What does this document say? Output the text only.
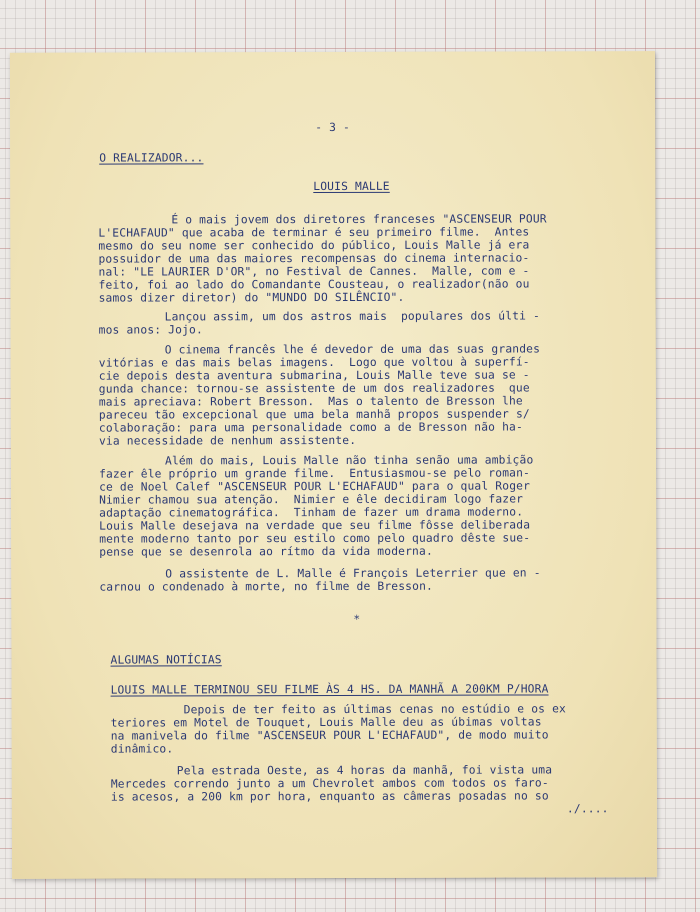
- 3 -

O REALIZADOR...

LOUIS MALLE

É o mais jovem dos diretores franceses "ASCENSEUR POUR

L'ECHAFAUD" que acaba de terminar é seu primeiro filme.  Antes

mesmo do seu nome ser conhecido do público, Louis Malle já era

possuidor de uma das maiores recompensas do cinema internacio-

nal: "LE LAURIER D'OR", no Festival de Cannes.  Malle, com e -

feito, foi ao lado do Comandante Cousteau, o realizador(não ou

samos dizer diretor) do "MUNDO DO SILÊNCIO".

Lançou assim, um dos astros mais  populares dos últi -

mos anos: Jojo.

O cinema francês lhe é devedor de uma das suas grandes

vitórias e das mais belas imagens.  Logo que voltou à superfí-

cie depois desta aventura submarina, Louis Malle teve sua se -

gunda chance: tornou-se assistente de um dos realizadores  que

mais apreciava: Robert Bresson.  Mas o talento de Bresson lhe

pareceu tão excepcional que uma bela manhã propos suspender s/

colaboração: para uma personalidade como a de Bresson não ha-

via necessidade de nenhum assistente.

Além do mais, Louis Malle não tinha senão uma ambição

fazer êle próprio um grande filme.  Entusiasmou-se pelo roman-

ce de Noel Calef "ASCENSEUR POUR L'ECHAFAUD" para o qual Roger

Nimier chamou sua atenção.  Nimier e êle decidiram logo fazer

adaptação cinematográfica.  Tinham de fazer um drama moderno.

Louis Malle desejava na verdade que seu filme fôsse deliberada

mente moderno tanto por seu estilo como pelo quadro dêste sue-

pense que se desenrola ao rítmo da vida moderna.

O assistente de L. Malle é François Leterrier que en -

carnou o condenado à morte, no filme de Bresson.

*

ALGUMAS NOTÍCIAS

LOUIS MALLE TERMINOU SEU FILME ÀS 4 HS. DA MANHÃ A 200KM P/HORA

Depois de ter feito as últimas cenas no estúdio e os ex

teriores em Motel de Touquet, Louis Malle deu as úbimas voltas

na manivela do filme "ASCENSEUR POUR L'ECHAFAUD", de modo muito

dinâmico.

Pela estrada Oeste, as 4 horas da manhã, foi vista uma

Mercedes correndo junto a um Chevrolet ambos com todos os faro-

is acesos, a 200 km por hora, enquanto as câmeras posadas no so

./....
